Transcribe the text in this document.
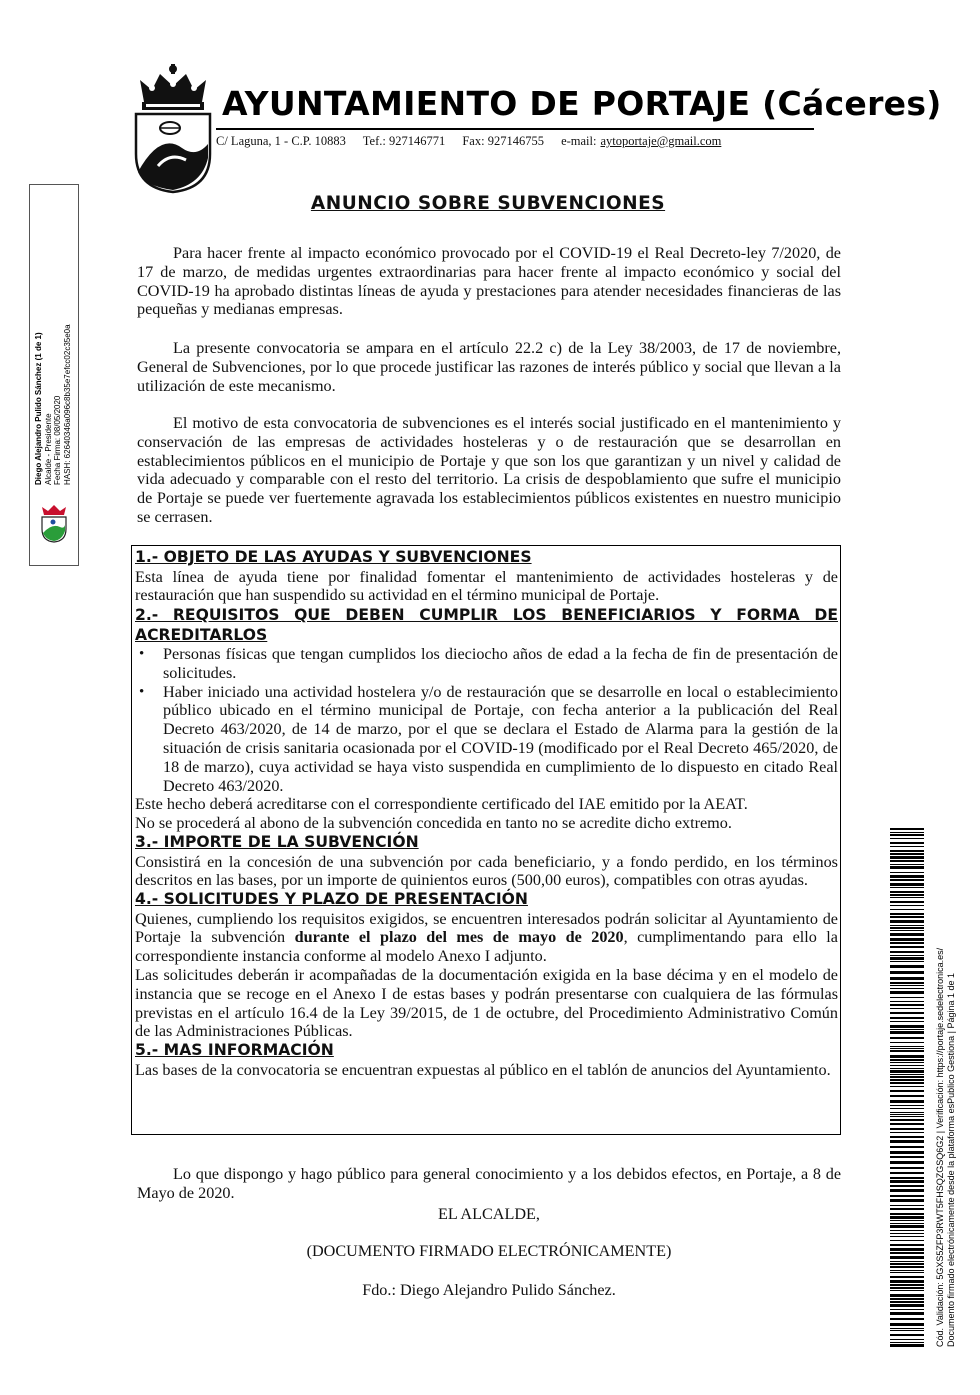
AYUNTAMIENTO DE PORTAJE (Cáceres)
C/ Laguna, 1 - C.P. 10883 Tef.: 927146771 Fax: 927146755 e-mail: aytoportaje@gmail.com
Diego Alejandro Pulido Sánchez (1 de 1) Alcalde - Presidente Fecha Firma: 08/05/2020 HASH: 62640346a096c8b35e7efcc02c35e0a
ANUNCIO SOBRE SUBVENCIONES

Para hacer frente al impacto económico provocado por el COVID-19 el Real Decreto-ley 7/2020, de 17 de marzo, de medidas urgentes extraordinarias para hacer frente al impacto económico y social del COVID-19 ha aprobado distintas líneas de ayuda y prestaciones para atender necesidades financieras de las pequeñas y medianas empresas.

La presente convocatoria se ampara en el artículo 22.2 c) de la Ley 38/2003, de 17 de noviembre, General de Subvenciones, por lo que procede justificar las razones de interés público y social que llevan a la utilización de este mecanismo.

El motivo de esta convocatoria de subvenciones es el interés social justificado en el mantenimiento y conservación de las empresas de actividades hosteleras y o de restauración que se desarrollan en establecimientos públicos en el municipio de Portaje y que son los que garantizan y un nivel y calidad de vida adecuado y comparable con el resto del territorio. La crisis de despoblamiento que sufre el municipio de Portaje se puede ver fuertemente agravada los establecimientos públicos existentes en nuestro municipio se cerrasen.

1.- OBJETO DE LAS AYUDAS Y SUBVENCIONES

Esta línea de ayuda tiene por finalidad fomentar el mantenimiento de actividades hosteleras y de restauración que han suspendido su actividad en el término municipal de Portaje.

2.- REQUISITOS QUE DEBEN CUMPLIR LOS BENEFICIARIOS Y FORMA DE ACREDITARLOS
• Personas físicas que tengan cumplidos los dieciocho años de edad a la fecha de fin de presentación de solicitudes.
• Haber iniciado una actividad hostelera y/o de restauración que se desarrolle en local o establecimiento público ubicado en el término municipal de Portaje, con fecha anterior a la publicación del Real Decreto 463/2020, de 14 de marzo, por el que se declara el Estado de Alarma para la gestión de la situación de crisis sanitaria ocasionada por el COVID-19 (modificado por el Real Decreto 465/2020, de 18 de marzo), cuya actividad se haya visto suspendida en cumplimiento de lo dispuesto en citado Real Decreto 463/2020.

Este hecho deberá acreditarse con el correspondiente certificado del IAE emitido por la AEAT.

No se procederá al abono de la subvención concedida en tanto no se acredite dicho extremo.

3.- IMPORTE DE LA SUBVENCIÓN

Consistirá en la concesión de una subvención por cada beneficiario, y a fondo perdido, en los términos descritos en las bases, por un importe de quinientos euros (500,00 euros), compatibles con otras ayudas.

4.- SOLICITUDES Y PLAZO DE PRESENTACIÓN

Quienes, cumpliendo los requisitos exigidos, se encuentren interesados podrán solicitar al Ayuntamiento de Portaje la subvención durante el plazo del mes de mayo de 2020, cumplimentando para ello la correspondiente instancia conforme al modelo Anexo I adjunto.

Las solicitudes deberán ir acompañadas de la documentación exigida en la base décima y en el modelo de instancia que se recoge en el Anexo I de estas bases y podrán presentarse con cualquiera de las fórmulas previstas en el artículo 16.4 de la Ley 39/2015, de 1 de octubre, del Procedimiento Administrativo Común de las Administraciones Públicas.

5.- MAS INFORMACIÓN

Las bases de la convocatoria se encuentran expuestas al público en el tablón de anuncios del Ayuntamiento.

Lo que dispongo y hago público para general conocimiento y a los debidos efectos, en Portaje, a 8 de Mayo de 2020.

EL ALCALDE,
(DOCUMENTO FIRMADO ELECTRÓNICAMENTE)
Fdo.: Diego Alejandro Pulido Sánchez.	Cód. Validación: 5GXS5ZFP3RWT5FHSQZGSQ6G2 | Verificación: https://portaje.sedelectronica.es/ Documento firmado electrónicamente desde la plataforma esPublico Gestiona | Página 1 de 1
